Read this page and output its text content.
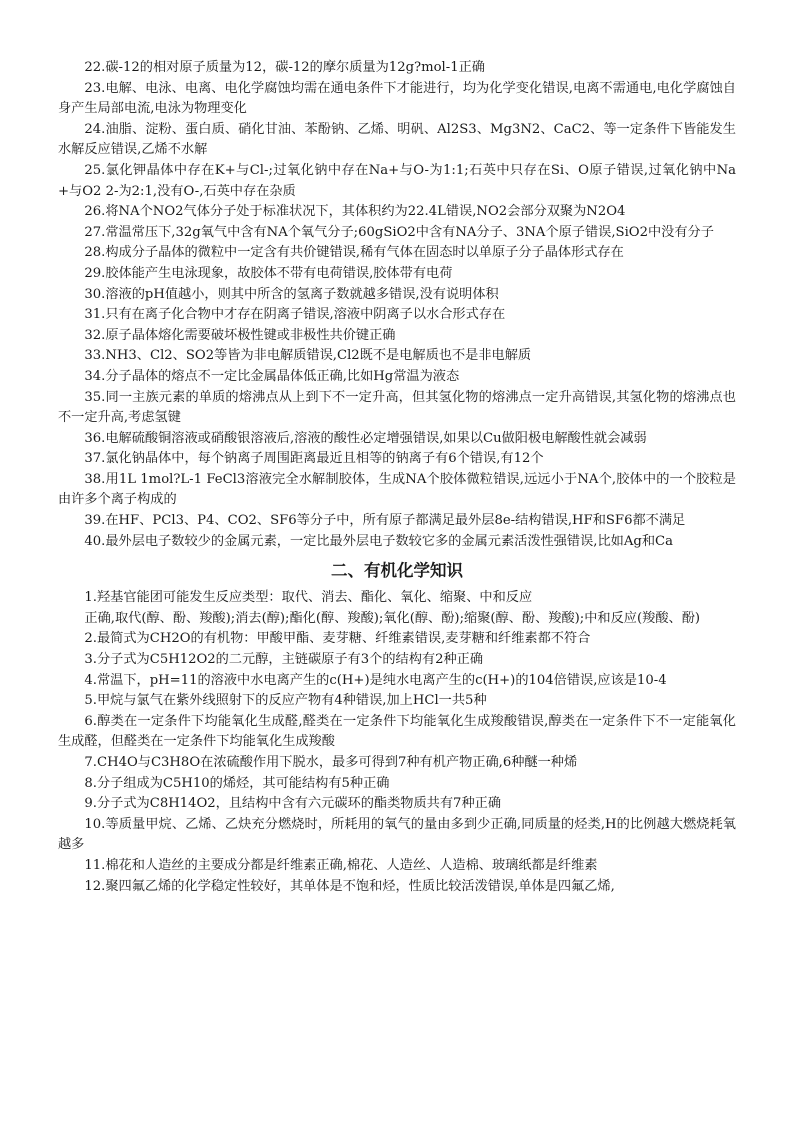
22.碳-12的相对原子质量为12，碳-12的摩尔质量为12g?mol-1正确

23.电解、电泳、电离、电化学腐蚀均需在通电条件下才能进行，均为化学变化错误,电离不需通电,电化学腐蚀自身产生局部电流,电泳为物理变化

24.油脂、淀粉、蛋白质、硝化甘油、苯酚钠、乙烯、明矾、Al2S3、Mg3N2、CaC2、等一定条件下皆能发生水解反应错误,乙烯不水解

25.氯化钾晶体中存在K+与Cl-;过氧化钠中存在Na+与O-为1:1;石英中只存在Si、O原子错误,过氧化钠中Na+与O2 2-为2:1,没有O-,石英中存在杂质

26.将NA个NO2气体分子处于标准状况下，其体积约为22.4L错误,NO2会部分双聚为N2O4

27.常温常压下,32g氧气中含有NA个氧气分子;60gSiO2中含有NA分子、3NA个原子错误,SiO2中没有分子

28.构成分子晶体的微粒中一定含有共价键错误,稀有气体在固态时以单原子分子晶体形式存在

29.胶体能产生电泳现象，故胶体不带有电荷错误,胶体带有电荷

30.溶液的pH值越小，则其中所含的氢离子数就越多错误,没有说明体积

31.只有在离子化合物中才存在阴离子错误,溶液中阴离子以水合形式存在

32.原子晶体熔化需要破坏极性键或非极性共价键正确

33.NH3、Cl2、SO2等皆为非电解质错误,Cl2既不是电解质也不是非电解质

34.分子晶体的熔点不一定比金属晶体低正确,比如Hg常温为液态

35.同一主族元素的单质的熔沸点从上到下不一定升高，但其氢化物的熔沸点一定升高错误,其氢化物的熔沸点也不一定升高,考虑氢键

36.电解硫酸铜溶液或硝酸银溶液后,溶液的酸性必定增强错误,如果以Cu做阳极电解酸性就会减弱

37.氯化钠晶体中，每个钠离子周围距离最近且相等的钠离子有6个错误,有12个

38.用1L 1mol?L-1 FeCl3溶液完全水解制胶体，生成NA个胶体微粒错误,远远小于NA个,胶体中的一个胶粒是由许多个离子构成的

39.在HF、PCl3、P4、CO2、SF6等分子中，所有原子都满足最外层8e-结构错误,HF和SF6都不满足

40.最外层电子数较少的金属元素，一定比最外层电子数较它多的金属元素活泼性强错误,比如Ag和Ca

二、有机化学知识

1.羟基官能团可能发生反应类型：取代、消去、酯化、氧化、缩聚、中和反应

正确,取代(醇、酚、羧酸);消去(醇);酯化(醇、羧酸);氧化(醇、酚);缩聚(醇、酚、羧酸);中和反应(羧酸、酚)

2.最简式为CH2O的有机物：甲酸甲酯、麦芽糖、纤维素错误,麦芽糖和纤维素都不符合

3.分子式为C5H12O2的二元醇，主链碳原子有3个的结构有2种正确

4.常温下，pH=11的溶液中水电离产生的c(H+)是纯水电离产生的c(H+)的104倍错误,应该是10-4

5.甲烷与氯气在紫外线照射下的反应产物有4种错误,加上HCl一共5种

6.醇类在一定条件下均能氧化生成醛,醛类在一定条件下均能氧化生成羧酸错误,醇类在一定条件下不一定能氧化生成醛，但醛类在一定条件下均能氧化生成羧酸

7.CH4O与C3H8O在浓硫酸作用下脱水，最多可得到7种有机产物正确,6种醚一种烯

8.分子组成为C5H10的烯烃，其可能结构有5种正确

9.分子式为C8H14O2，且结构中含有六元碳环的酯类物质共有7种正确

10.等质量甲烷、乙烯、乙炔充分燃烧时，所耗用的氧气的量由多到少正确,同质量的烃类,H的比例越大燃烧耗氧越多

11.棉花和人造丝的主要成分都是纤维素正确,棉花、人造丝、人造棉、玻璃纸都是纤维素

12.聚四氟乙烯的化学稳定性较好，其单体是不饱和烃，性质比较活泼错误,单体是四氟乙烯,
